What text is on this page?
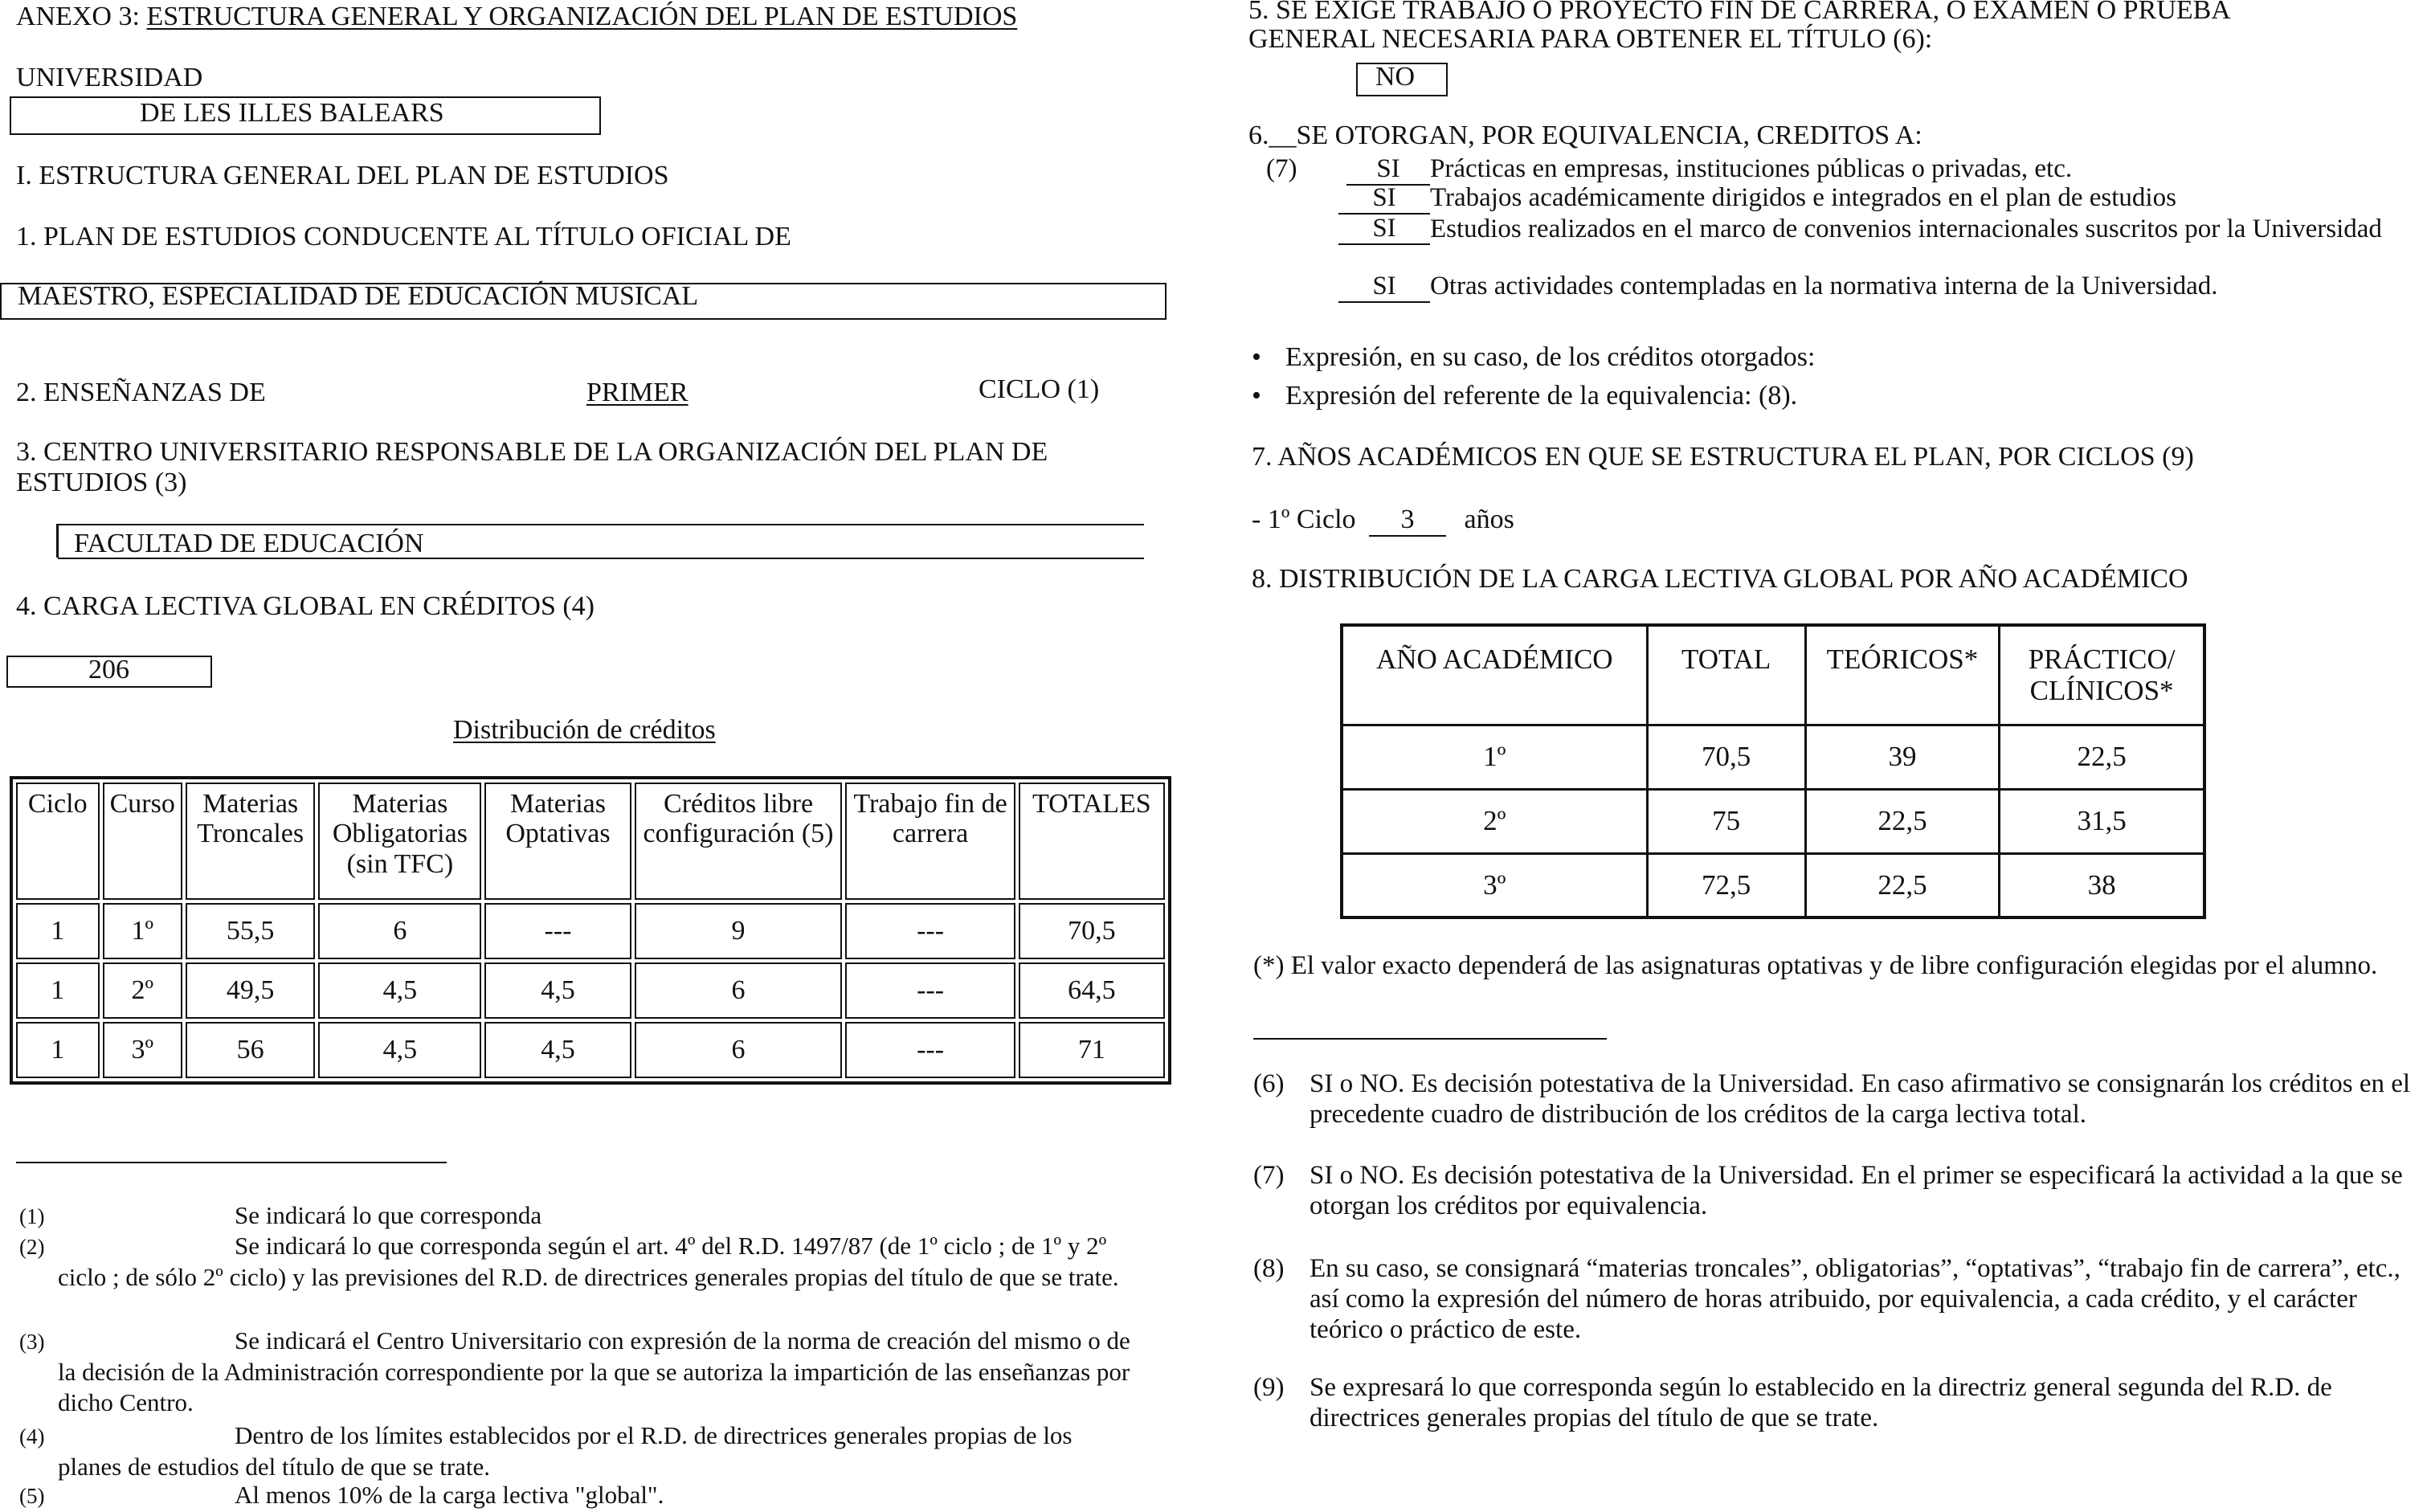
ANEXO 3: ESTRUCTURA GENERAL Y ORGANIZACIÓN DEL PLAN DE ESTUDIOS
UNIVERSIDAD
DE LES ILLES BALEARS
I. ESTRUCTURA GENERAL DEL PLAN DE ESTUDIOS
1. PLAN DE ESTUDIOS CONDUCENTE AL TÍTULO OFICIAL DE
MAESTRO, ESPECIALIDAD DE EDUCACIÓN MUSICAL
2. ENSEÑANZAS DE	PRIMER	CICLO (1)
3. CENTRO UNIVERSITARIO RESPONSABLE DE LA ORGANIZACIÓN DEL PLAN DE
ESTUDIOS (3)
FACULTAD DE EDUCACIÓN
4. CARGA LECTIVA GLOBAL EN CRÉDITOS (4)
206
Distribución de créditos
Ciclo	Curso	Materias Troncales	Materias Obligatorias (sin TFC)	Materias Optativas	Créditos libre configuración (5)	Trabajo fin de carrera	TOTALES
1	1º	55,5	6	---	9	---	70,5
1	2º	49,5	4,5	4,5	6	---	64,5
1	3º	56	4,5	4,5	6	---	71
(1)	Se indicará lo que corresponda
(2)	Se indicará lo que corresponda según el art. 4º del R.D. 1497/87 (de 1º ciclo ; de 1º y 2º ciclo ; de sólo 2º ciclo) y las previsiones del R.D. de directrices generales propias del título de que se trate.
(3)	Se indicará el Centro Universitario con expresión de la norma de creación del mismo o de la decisión de la Administración correspondiente por la que se autoriza la impartición de las enseñanzas por dicho Centro.
(4)	Dentro de los límites establecidos por el R.D. de directrices generales propias de los planes de estudios del título de que se trate.
(5)	Al menos 10% de la carga lectiva "global".
5. SE EXIGE TRABAJO O PROYECTO FIN DE CARRERA, O EXAMEN O PRUEBA
GENERAL NECESARIA PARA OBTENER EL TÍTULO (6):
NO
6.__SE OTORGAN, POR EQUIVALENCIA, CREDITOS A:
(7)	SI Prácticas en empresas, instituciones públicas o privadas, etc.
SI Trabajos académicamente dirigidos e integrados en el plan de estudios
SI	Estudios realizados en el marco de convenios internacionales suscritos por la Universidad
SI Otras actividades contempladas en la normativa interna de la Universidad.
• Expresión, en su caso, de los créditos otorgados:
• Expresión del referente de la equivalencia: (8).
7. AÑOS ACADÉMICOS EN QUE SE ESTRUCTURA EL PLAN, POR CICLOS (9)
- 1º Ciclo 3 años
8. DISTRIBUCIÓN DE LA CARGA LECTIVA GLOBAL POR AÑO ACADÉMICO
AÑO ACADÉMICO	TOTAL	TEÓRICOS*	PRÁCTICO/ CLÍNICOS*
1º	70,5	39	22,5
2º	75	22,5	31,5
3º	72,5	22,5	38
(*) El valor exacto dependerá de las asignaturas optativas y de libre configuración elegidas por el alumno.
(6) SI o NO. Es decisión potestativa de la Universidad. En caso afirmativo se consignarán los créditos en el precedente cuadro de distribución de los créditos de la carga lectiva total.
(7) SI o NO. Es decisión potestativa de la Universidad. En el primer se especificará la actividad a la que se otorgan los créditos por equivalencia.
(8) En su caso, se consignará “materias troncales”, obligatorias”, “optativas”, “trabajo fin de carrera”, etc., así como la expresión del número de horas atribuido, por equivalencia, a cada crédito, y el carácter teórico o práctico de este.
(9) Se expresará lo que corresponda según lo establecido en la directriz general segunda del R.D. de directrices generales propias del título de que se trate.
